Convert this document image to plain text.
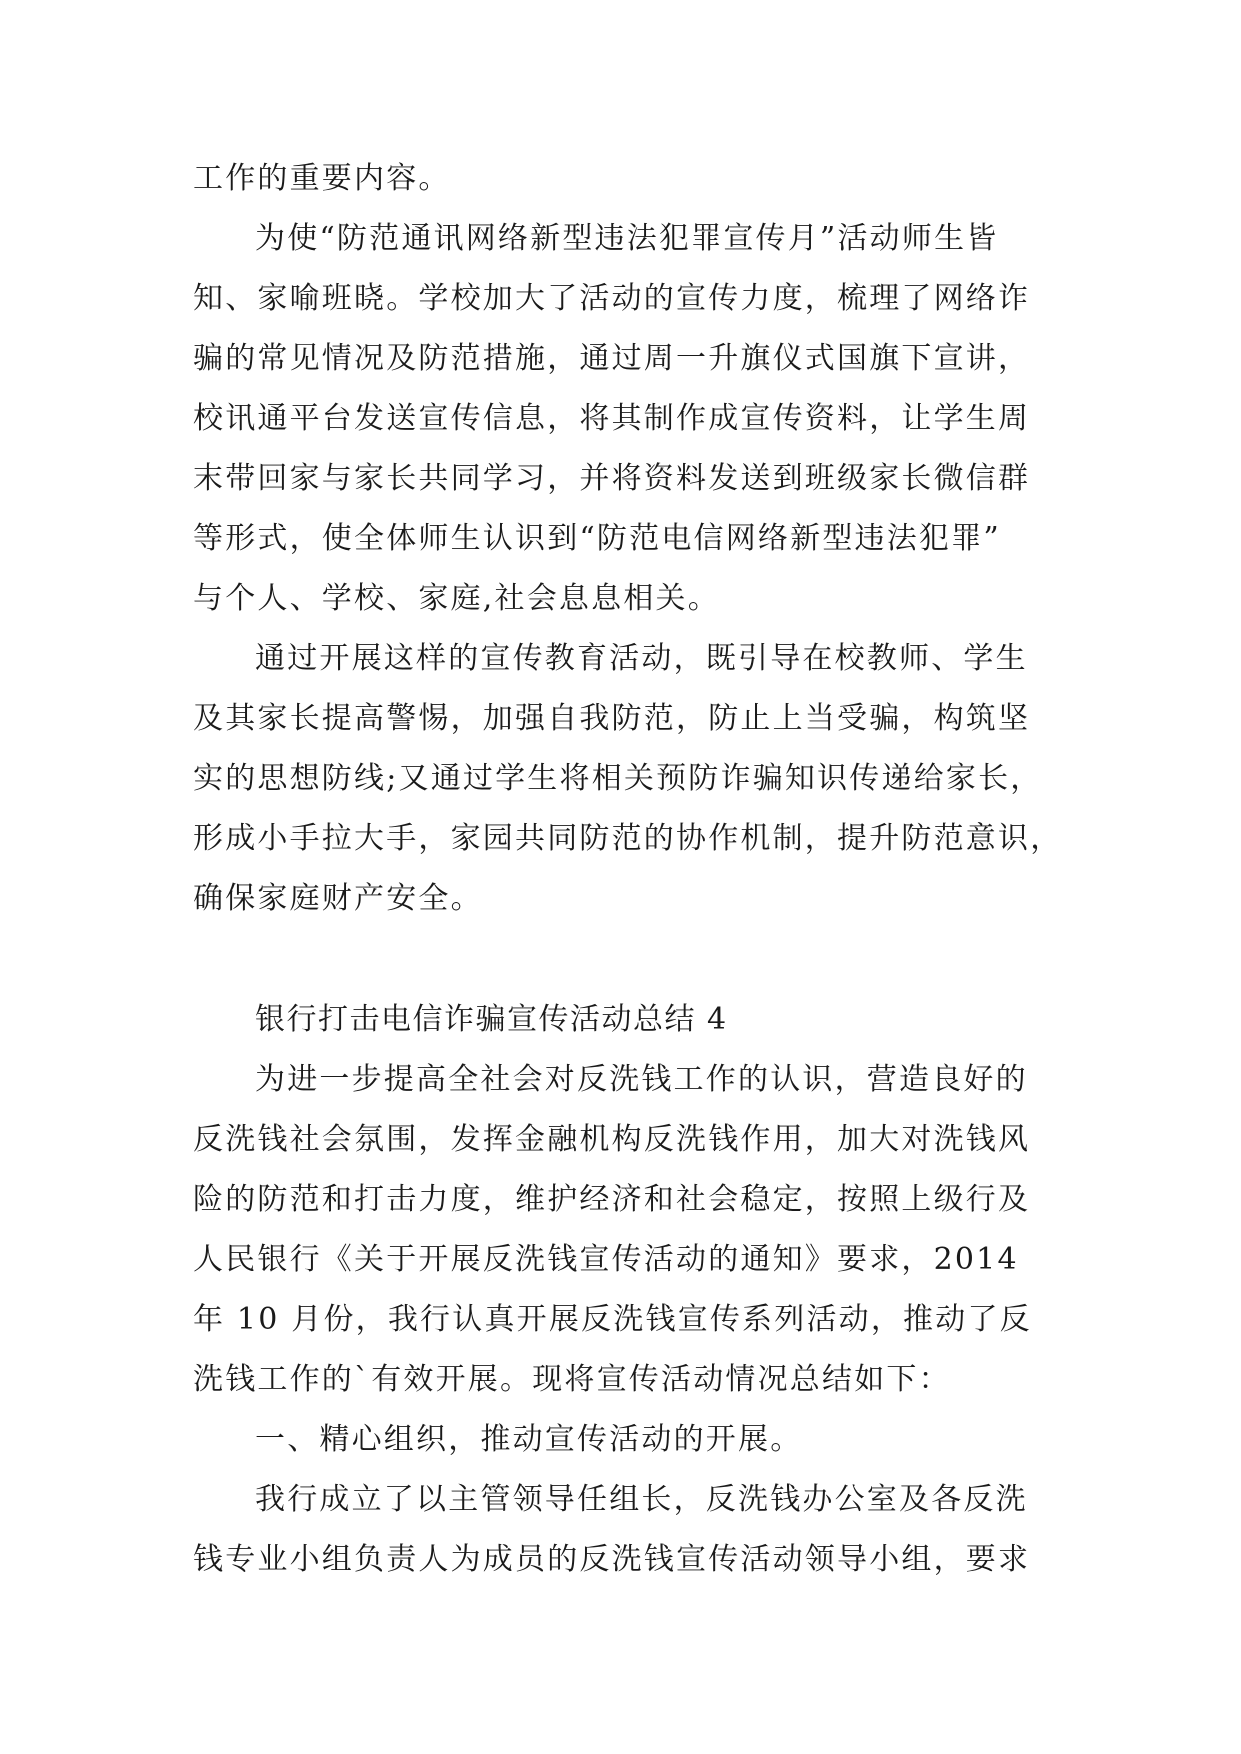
工作的重要内容。
为使“防范通讯网络新型违法犯罪宣传月”活动师生皆
知、家喻班晓。学校加大了活动的宣传力度，梳理了网络诈
骗的常见情况及防范措施，通过周一升旗仪式国旗下宣讲，
校讯通平台发送宣传信息，将其制作成宣传资料，让学生周
末带回家与家长共同学习，并将资料发送到班级家长微信群
等形式，使全体师生认识到“防范电信网络新型违法犯罪”
与个人、学校、家庭,社会息息相关。
通过开展这样的宣传教育活动，既引导在校教师、学生
及其家长提高警惕，加强自我防范，防止上当受骗，构筑坚
实的思想防线;又通过学生将相关预防诈骗知识传递给家长，
形成小手拉大手，家园共同防范的协作机制，提升防范意识，
确保家庭财产安全。
银行打击电信诈骗宣传活动总结 4
为进一步提高全社会对反洗钱工作的认识，营造良好的
反洗钱社会氛围，发挥金融机构反洗钱作用，加大对洗钱风
险的防范和打击力度，维护经济和社会稳定，按照上级行及
人民银行《关于开展反洗钱宣传活动的通知》要求，2014
年 10 月份，我行认真开展反洗钱宣传系列活动，推动了反
洗钱工作的`有效开展。现将宣传活动情况总结如下：
一、精心组织，推动宣传活动的开展。
我行成立了以主管领导任组长，反洗钱办公室及各反洗
钱专业小组负责人为成员的反洗钱宣传活动领导小组，要求
